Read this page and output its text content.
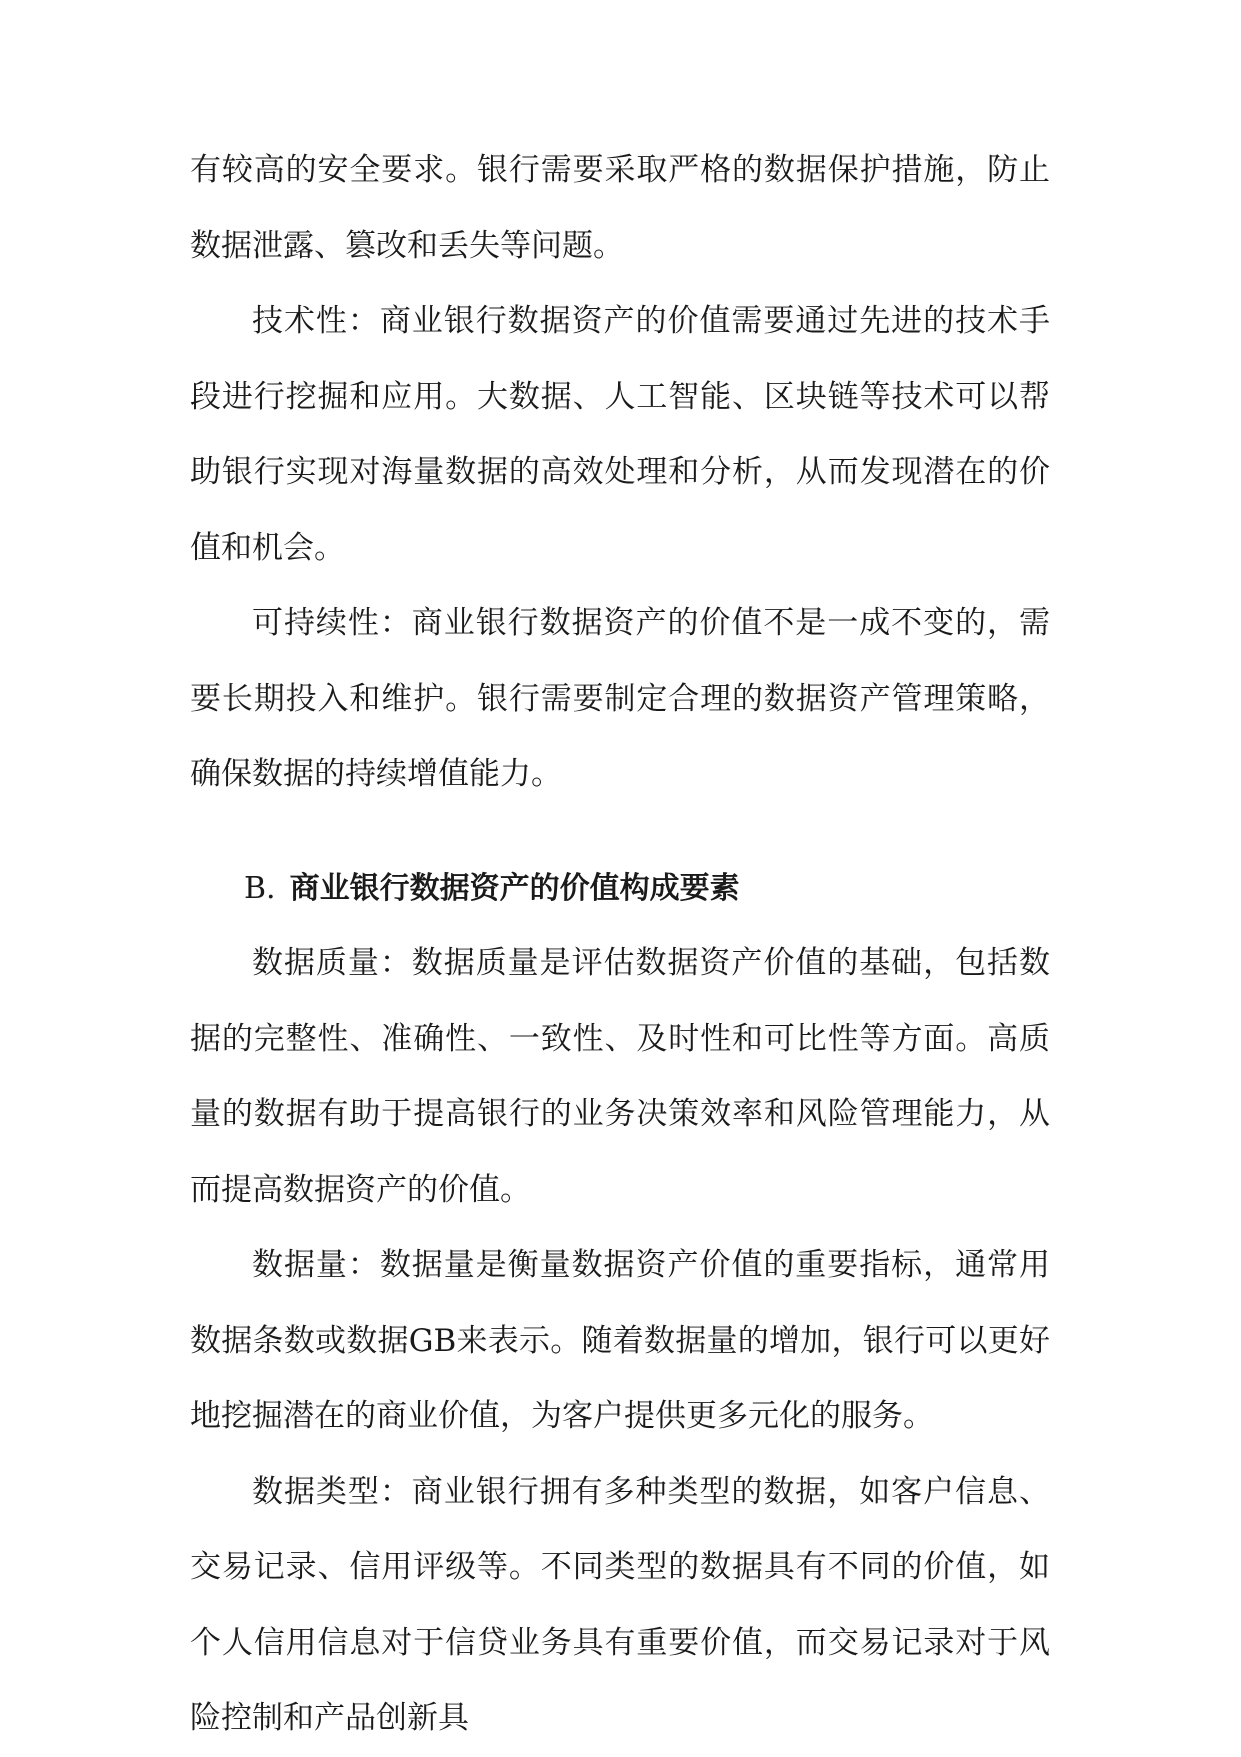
有较高的安全要求。银行需要采取严格的数据保护措施，防止数据泄露、篡改和丢失等问题。

技术性：商业银行数据资产的价值需要通过先进的技术手段进行挖掘和应用。大数据、人工智能、区块链等技术可以帮助银行实现对海量数据的高效处理和分析，从而发现潜在的价值和机会。

可持续性：商业银行数据资产的价值不是一成不变的，需要长期投入和维护。银行需要制定合理的数据资产管理策略，确保数据的持续增值能力。

B. 商业银行数据资产的价值构成要素

数据质量：数据质量是评估数据资产价值的基础，包括数据的完整性、准确性、一致性、及时性和可比性等方面。高质量的数据有助于提高银行的业务决策效率和风险管理能力，从而提高数据资产的价值。

数据量：数据量是衡量数据资产价值的重要指标，通常用数据条数或数据GB来表示。随着数据量的增加，银行可以更好地挖掘潜在的商业价值，为客户提供更多元化的服务。

数据类型：商业银行拥有多种类型的数据，如客户信息、交易记录、信用评级等。不同类型的数据具有不同的价值，如个人信用信息对于信贷业务具有重要价值，而交易记录对于风险控制和产品创新具
